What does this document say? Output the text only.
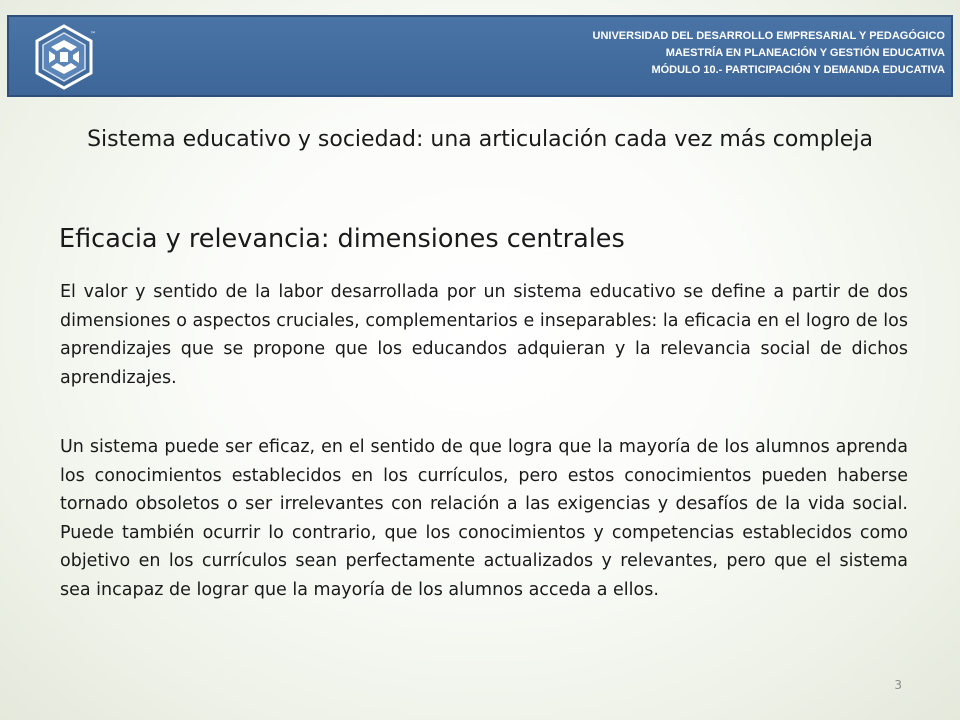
™	UNIVERSIDAD DEL DESARROLLO EMPRESARIAL Y PEDAGÓGICO
MAESTRÍA EN PLANEACIÓN Y GESTIÓN EDUCATIVA
MÓDULO 10.- PARTICIPACIÓN Y DEMANDA EDUCATIVA
Sistema educativo y sociedad: una articulación cada vez más compleja
Eficacia y relevancia: dimensiones centrales

El valor y sentido de la labor desarrollada por un sistema educativo se define a partir de dos dimensiones o aspectos cruciales, complementarios e inseparables: la eficacia en el logro de los aprendizajes que se propone que los educandos adquieran y la relevancia social de dichos aprendizajes.

Un sistema puede ser eficaz, en el sentido de que logra que la mayoría de los alumnos aprenda los conocimientos establecidos en los currículos, pero estos conocimientos pueden haberse tornado obsoletos o ser irrelevantes con relación a las exigencias y desafíos de la vida social. Puede también ocurrir lo contrario, que los conocimientos y competencias establecidos como objetivo en los currículos sean perfectamente actualizados y relevantes, pero que el sistema sea incapaz de lograr que la mayoría de los alumnos acceda a ellos.

3
